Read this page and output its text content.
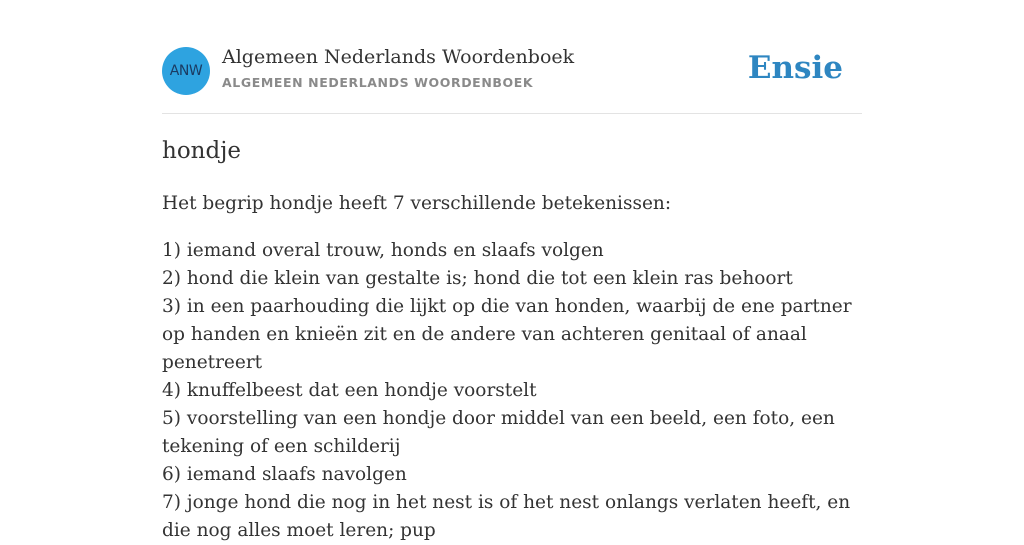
ANW
Algemeen Nederlands Woordenboek
ALGEMEEN NEDERLANDS WOORDENBOEK	Ensie
hondje

Het begrip hondje heeft 7 verschillende betekenissen:

1) iemand overal trouw, honds en slaafs volgen
2) hond die klein van gestalte is; hond die tot een klein ras behoort
3) in een paarhouding die lijkt op die van honden, waarbij de ene partner op handen en knieën zit en de andere van achteren genitaal of anaal penetreert
4) knuffelbeest dat een hondje voorstelt
5) voorstelling van een hondje door middel van een beeld, een foto, een tekening of een schilderij
6) iemand slaafs navolgen
7) jonge hond die nog in het nest is of het nest onlangs verlaten heeft, en die nog alles moet leren; pup
